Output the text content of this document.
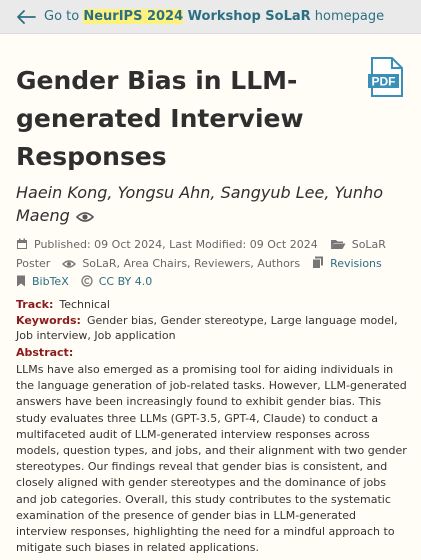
Go to NeurIPS 2024 Workshop SoLaR homepage
Gender Bias in LLM-generated Interview Responses
PDF
Haein Kong, Yongsu Ahn, Sangyub Lee, Yunho Maeng
Published: 09 Oct 2024, Last Modified: 09 Oct 2024	SoLaR
Poster	SoLaR, Area Chairs, Reviewers, Authors	Revisions
BibTeX	CC BY 4.0
Track: Technical
Keywords: Gender bias, Gender stereotype, Large language model, Job interview, Job application
Abstract:

LLMs have also emerged as a promising tool for aiding individuals in the language generation of job-related tasks. However, LLM-generated answers have been increasingly found to exhibit gender bias. This study evaluates three LLMs (GPT-3.5, GPT-4, Claude) to conduct a multifaceted audit of LLM-generated interview responses across models, question types, and jobs, and their alignment with two gender stereotypes. Our findings reveal that gender bias is consistent, and closely aligned with gender stereotypes and the dominance of jobs and job categories. Overall, this study contributes to the systematic examination of the presence of gender bias in LLM-generated interview responses, highlighting the need for a mindful approach to mitigate such biases in related applications.
